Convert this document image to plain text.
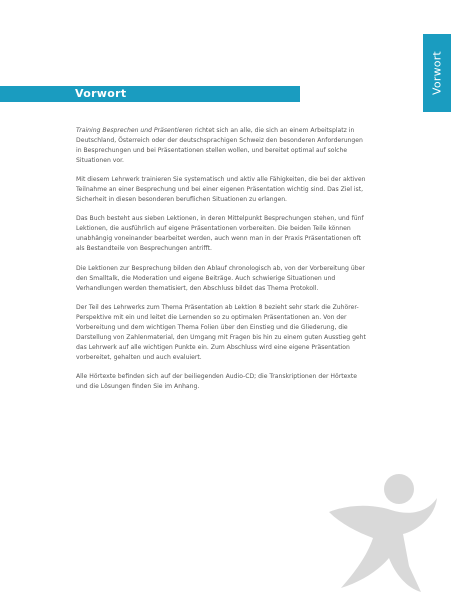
Vorwort
Vorwort

Training Besprechen und Präsentieren richtet sich an alle, die sich an einem Arbeitsplatz in Deutschland, Österreich oder der deutschsprachigen Schweiz den besonderen Anforderungen in Besprechungen und bei Präsentationen stellen wollen, und bereitet optimal auf solche Situationen vor.

Mit diesem Lehrwerk trainieren Sie systematisch und aktiv alle Fähigkeiten, die bei der aktiven Teilnahme an einer Besprechung und bei einer eigenen Präsentation wichtig sind. Das Ziel ist, Sicherheit in diesen besonderen beruflichen Situationen zu erlangen.

Das Buch besteht aus sieben Lektionen, in deren Mittelpunkt Besprechungen stehen, und fünf Lektionen, die ausführlich auf eigene Präsentationen vorbereiten. Die beiden Teile können unabhängig voneinander bearbeitet werden, auch wenn man in der Praxis Präsentationen oft als Bestandteile von Besprechungen antrifft.

Die Lektionen zur Besprechung bilden den Ablauf chronologisch ab, von der Vorbereitung über den Smalltalk, die Moderation und eigene Beiträge. Auch schwierige Situationen und Verhandlungen werden thematisiert, den Abschluss bildet das Thema Protokoll.

Der Teil des Lehrwerks zum Thema Präsentation ab Lektion 8 bezieht sehr stark die Zuhörer-Perspektive mit ein und leitet die Lernenden so zu optimalen Präsentationen an. Von der Vorbereitung und dem wichtigen Thema Folien über den Einstieg und die Gliederung, die Darstellung von Zahlenmaterial, den Umgang mit Fragen bis hin zu einem guten Ausstieg geht das Lehrwerk auf alle wichtigen Punkte ein. Zum Abschluss wird eine eigene Präsentation vorbereitet, gehalten und auch evaluiert.

Alle Hörtexte befinden sich auf der beiliegenden Audio-CD; die Transkriptionen der Hörtexte und die Lösungen finden Sie im Anhang.
